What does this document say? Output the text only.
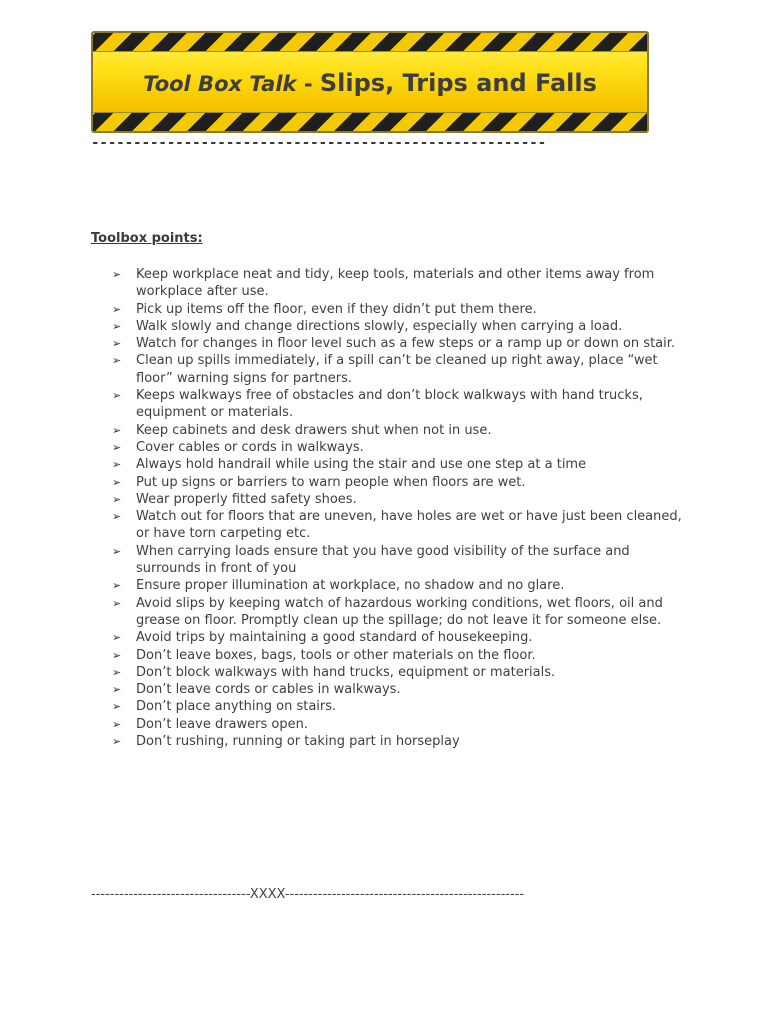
Tool Box Talk - Slips, Trips and Falls
------------------------------------------------------
Toolbox points:
➢	Keep workplace neat and tidy, keep tools, materials and other items away from workplace after use.
➢	Pick up items off the floor, even if they didn’t put them there.
➢	Walk slowly and change directions slowly, especially when carrying a load.
➢	Watch for changes in floor level such as a few steps or a ramp up or down on stair.
➢	Clean up spills immediately, if a spill can’t be cleaned up right away, place “wet floor” warning signs for partners.
➢	Keeps walkways free of obstacles and don’t block walkways with hand trucks, equipment or materials.
➢	Keep cabinets and desk drawers shut when not in use.
➢	Cover cables or cords in walkways.
➢	Always hold handrail while using the stair and use one step at a time
➢	Put up signs or barriers to warn people when floors are wet.
➢	Wear properly fitted safety shoes.
➢	Watch out for floors that are uneven, have holes are wet or have just been cleaned, or have torn carpeting etc.
➢	When carrying loads ensure that you have good visibility of the surface and surrounds in front of you
➢	Ensure proper illumination at workplace, no shadow and no glare.
➢	Avoid slips by keeping watch of hazardous working conditions, wet floors, oil and grease on floor. Promptly clean up the spillage; do not leave it for someone else.
➢	Avoid trips by maintaining a good standard of housekeeping.
➢	Don’t leave boxes, bags, tools or other materials on the floor.
➢	Don’t block walkways with hand trucks, equipment or materials.
➢	Don’t leave cords or cables in walkways.
➢	Don’t place anything on stairs.
➢	Don’t leave drawers open.
➢	Don’t rushing, running or taking part in horseplay
----------------------------------XXXX---------------------------------------------------
